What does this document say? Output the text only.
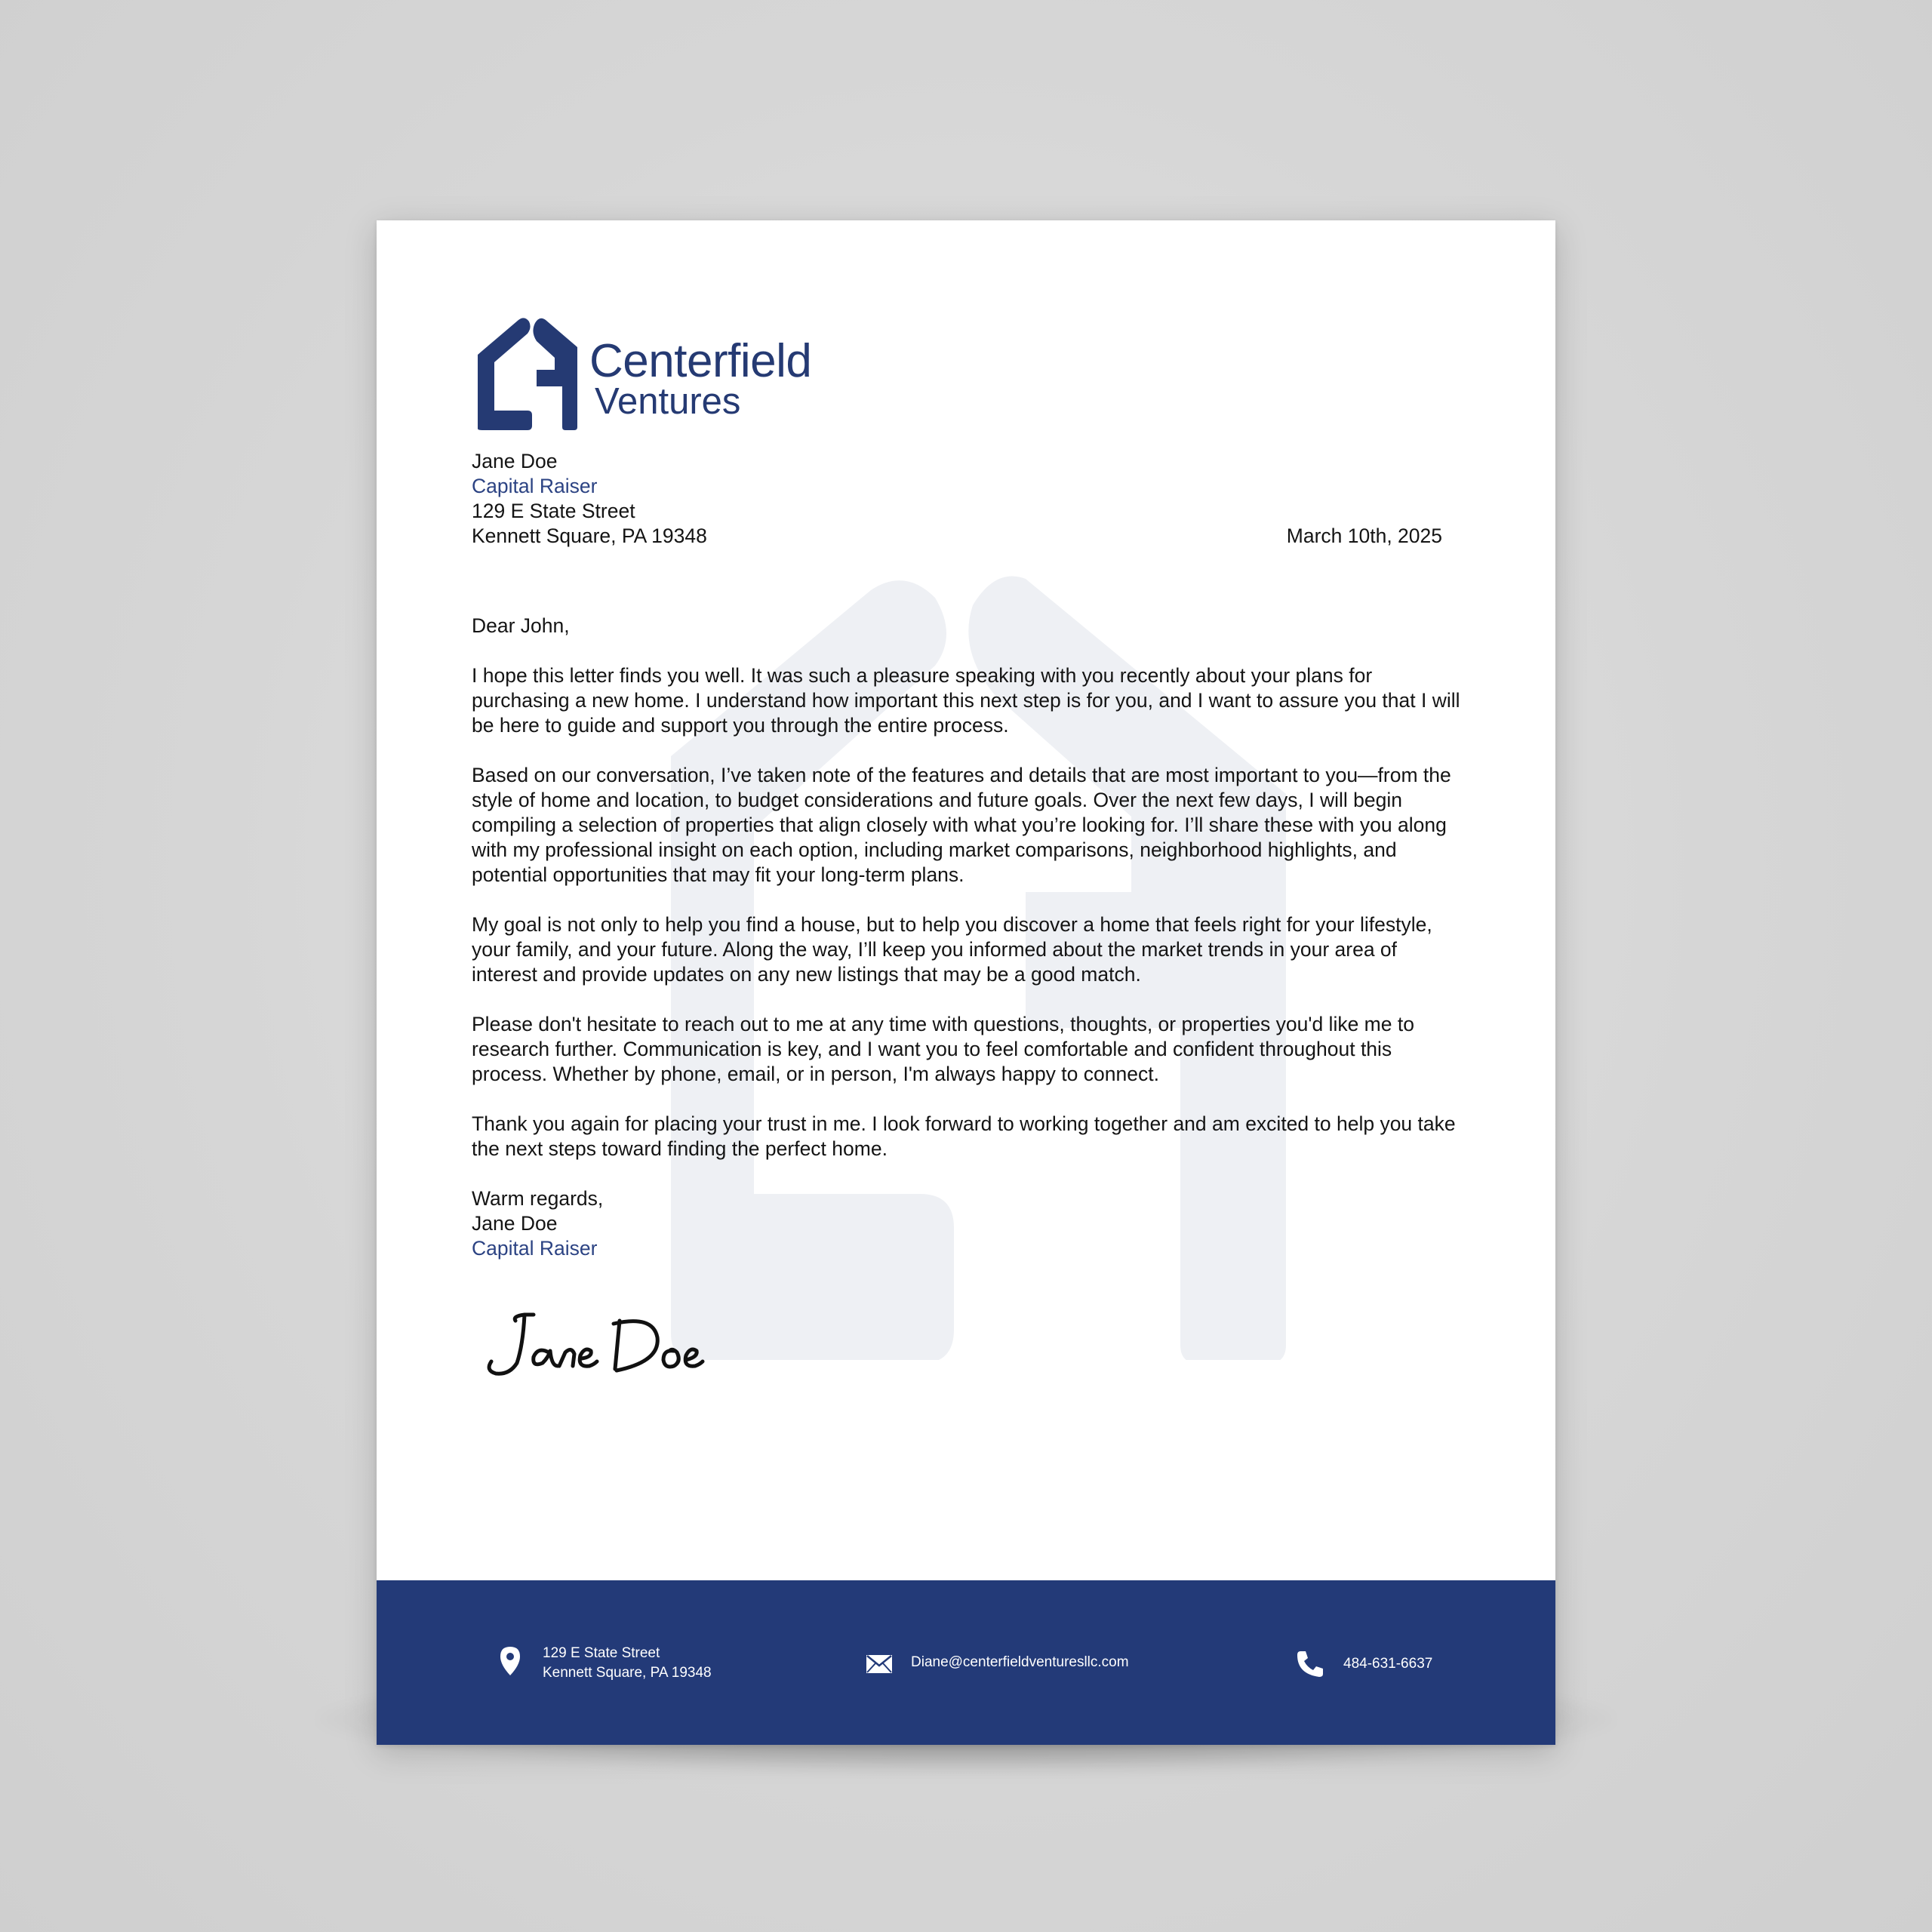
Centerfield
Ventures

Jane Doe

Capital Raiser

129 E State Street

Kennett Square, PA 19348

Dear John,

I hope this letter finds you well. It was such a pleasure speaking with you recently about your plans for purchasing a new home. I understand how important this next step is for you, and I want to assure you that I will be here to guide and support you through the entire process.

Based on our conversation, I’ve taken note of the features and details that are most important to you—from the style of home and location, to budget considerations and future goals. Over the next few days, I will begin compiling a selection of properties that align closely with what you’re looking for. I’ll share these with you along with my professional insight on each option, including market comparisons, neighborhood highlights, and potential opportunities that may fit your long-term plans.

My goal is not only to help you find a house, but to help you discover a home that feels right for your lifestyle, your family, and your future. Along the way, I’ll keep you informed about the market trends in your area of interest and provide updates on any new listings that may be a good match.

Please don't hesitate to reach out to me at any time with questions, thoughts, or properties you'd like me to research further. Communication is key, and I want you to feel comfortable and confident throughout this process. Whether by phone, email, or in person, I'm always happy to connect.

Thank you again for placing your trust in me. I look forward to working together and am excited to help you take the next steps toward finding the perfect home.

Warm regards,

Jane Doe

Capital Raiser

March 10th, 2025
129 E State Street
Kennett Square, PA 19348
Diane@centerfieldventuresllc.com	484-631-6637
